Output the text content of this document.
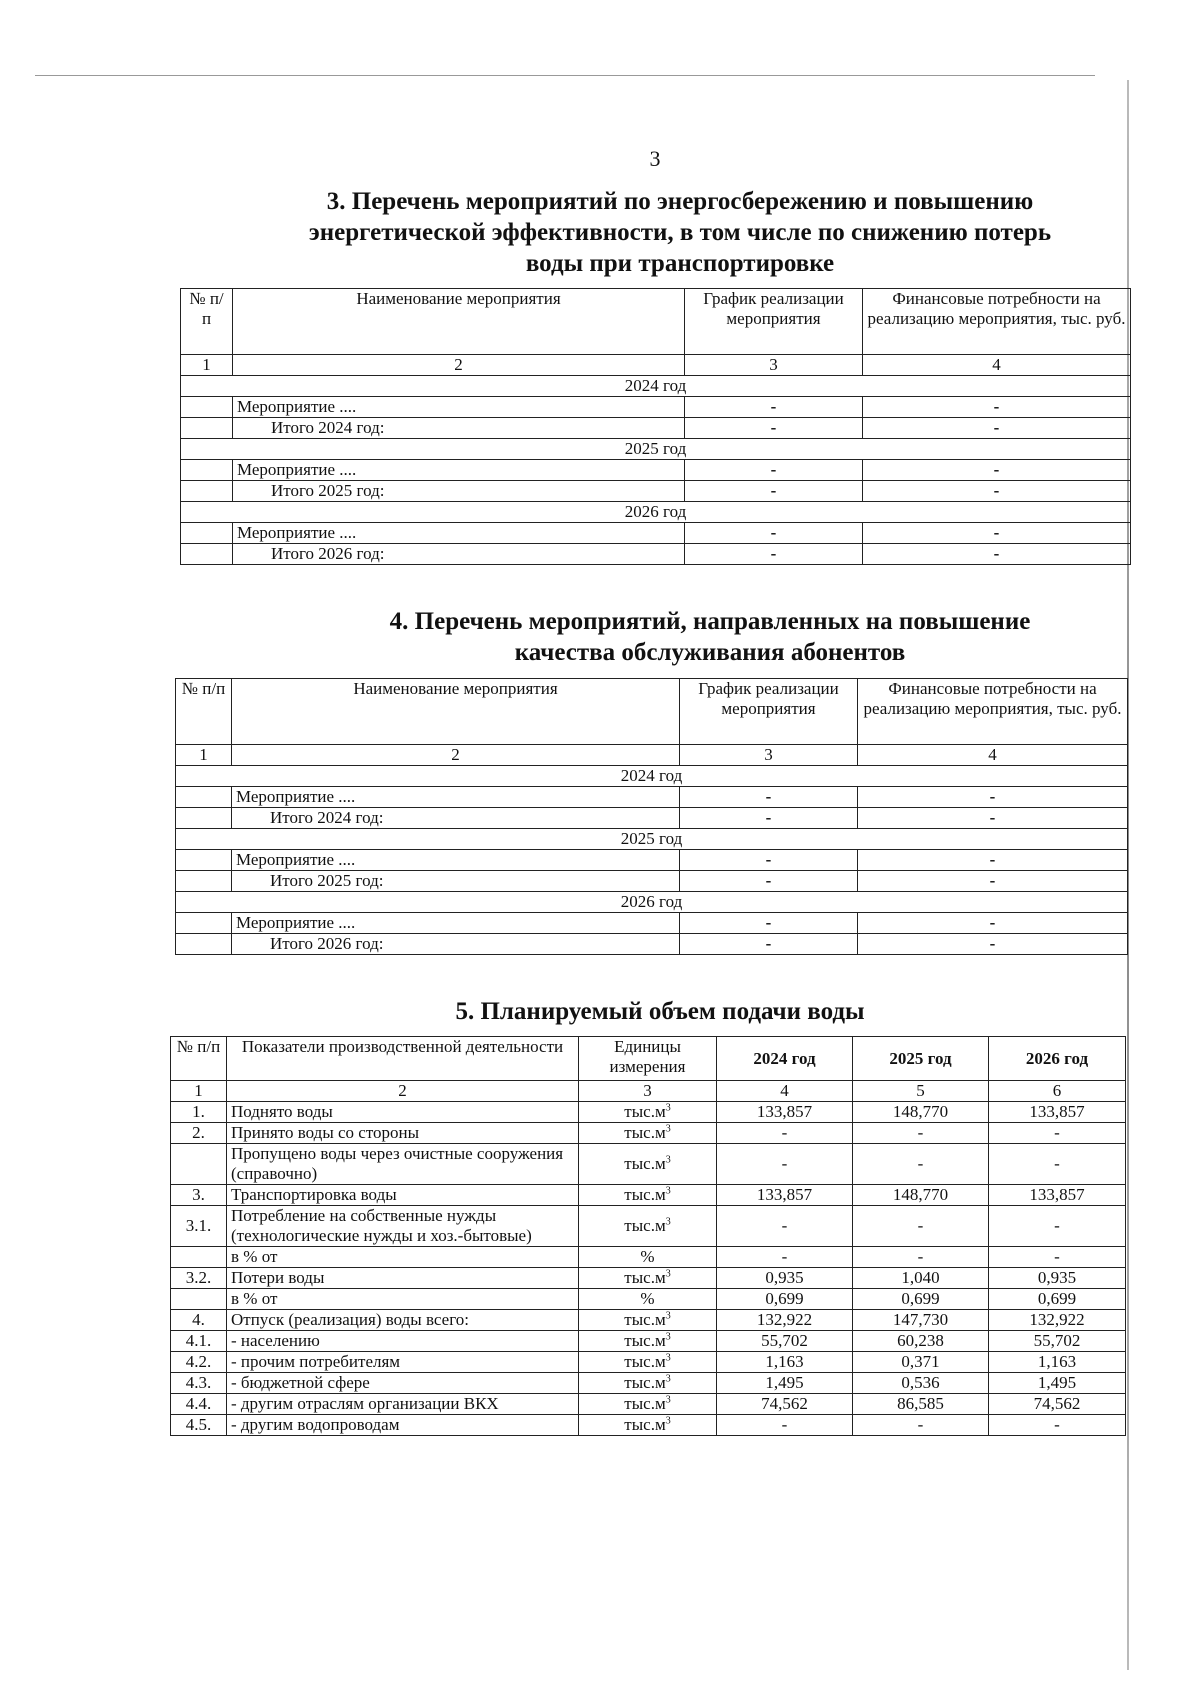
3
3. Перечень мероприятий по энергосбережению и повышению
энергетической эффективности, в том числе по снижению потерь
воды при транспортировке
№ п/п	Наименование мероприятия	График реализации мероприятия	Финансовые потребности на реализацию мероприятия, тыс. руб.
1	2	3	4
2024 год			
	Мероприятие ....	-	-
	Итого 2024 год:	-	-
2025 год			
	Мероприятие ....	-	-
	Итого 2025 год:	-	-
2026 год			
	Мероприятие ....	-	-
	Итого 2026 год:	-	-
4. Перечень мероприятий, направленных на повышение
качества обслуживания абонентов
№ п/п	Наименование мероприятия	График реализации мероприятия	Финансовые потребности на реализацию мероприятия, тыс. руб.
1	2	3	4
2024 год			
	Мероприятие ....	-	-
	Итого 2024 год:	-	-
2025 год			
	Мероприятие ....	-	-
	Итого 2025 год:	-	-
2026 год			
	Мероприятие ....	-	-
	Итого 2026 год:	-	-
5. Планируемый объем подачи воды
№ п/п	Показатели производственной деятельности	Единицы измерения	2024 год	2025 год	2026 год
1	2	3	4	5	6
1.	Поднято воды	$тыс.м^3$	133,857	148,770	133,857
2.	Принято воды со стороны	$тыс.м^3$	-	-	-
	Пропущено воды через очистные сооружения (справочно)	$тыс.м^3$	-	-	-
3.	Транспортировка воды	$тыс.м^3$	133,857	148,770	133,857
3.1.	Потребление на собственные нужды (технологические нужды и хоз.-бытовые)	$тыс.м^3$	-	-	-
	в % от	%	-	-	-
3.2.	Потери воды	$тыс.м^3$	0,935	1,040	0,935
	в % от	%	0,699	0,699	0,699
4.	Отпуск (реализация) воды всего:	$тыс.м^3$	132,922	147,730	132,922
4.1.	- населению	$тыс.м^3$	55,702	60,238	55,702
4.2.	- прочим потребителям	$тыс.м^3$	1,163	0,371	1,163
4.3.	- бюджетной сфере	$тыс.м^3$	1,495	0,536	1,495
4.4.	- другим отраслям организации ВКХ	$тыс.м^3$	74,562	86,585	74,562
4.5.	- другим водопроводам	$тыс.м^3$	-	-	-
